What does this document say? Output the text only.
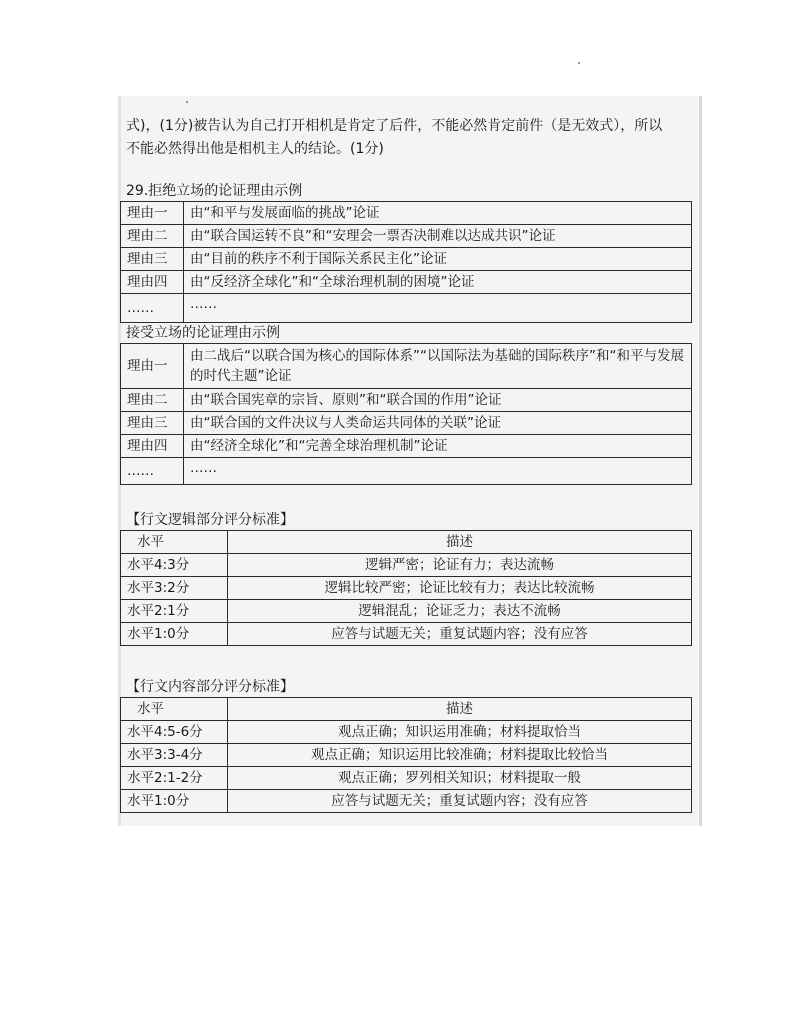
式)，(1分)被告认为自己打开相机是肯定了后件，不能必然肯定前件（是无效式），所以
不能必然得出他是相机主人的结论。(1分)
29.拒绝立场的论证理由示例
理由一	由“和平与发展面临的挑战”论证
理由二	由“联合国运转不良”和“安理会一票否决制难以达成共识”论证
理由三	由“目前的秩序不利于国际关系民主化”论证
理由四	由“反经济全球化”和“全球治理机制的困境”论证
……	……
接受立场的论证理由示例
理由一	由二战后“以联合国为核心的国际体系”“以国际法为基础的国际秩序”和“和平与发展的时代主题”论证
理由二	由“联合国宪章的宗旨、原则”和“联合国的作用”论证
理由三	由“联合国的文件决议与人类命运共同体的关联”论证
理由四	由“经济全球化”和“完善全球治理机制”论证
……	……
【行文逻辑部分评分标准】
水平	描述
水平4:3分	逻辑严密；论证有力；表达流畅
水平3:2分	逻辑比较严密；论证比较有力；表达比较流畅
水平2:1分	逻辑混乱；论证乏力；表达不流畅
水平1:0分	应答与试题无关；重复试题内容；没有应答
【行文内容部分评分标准】
水平	描述
水平4:5-6分	观点正确；知识运用准确；材料提取恰当
水平3:3-4分	观点正确；知识运用比较准确；材料提取比较恰当
水平2:1-2分	观点正确；罗列相关知识；材料提取一般
水平1:0分	应答与试题无关；重复试题内容；没有应答
